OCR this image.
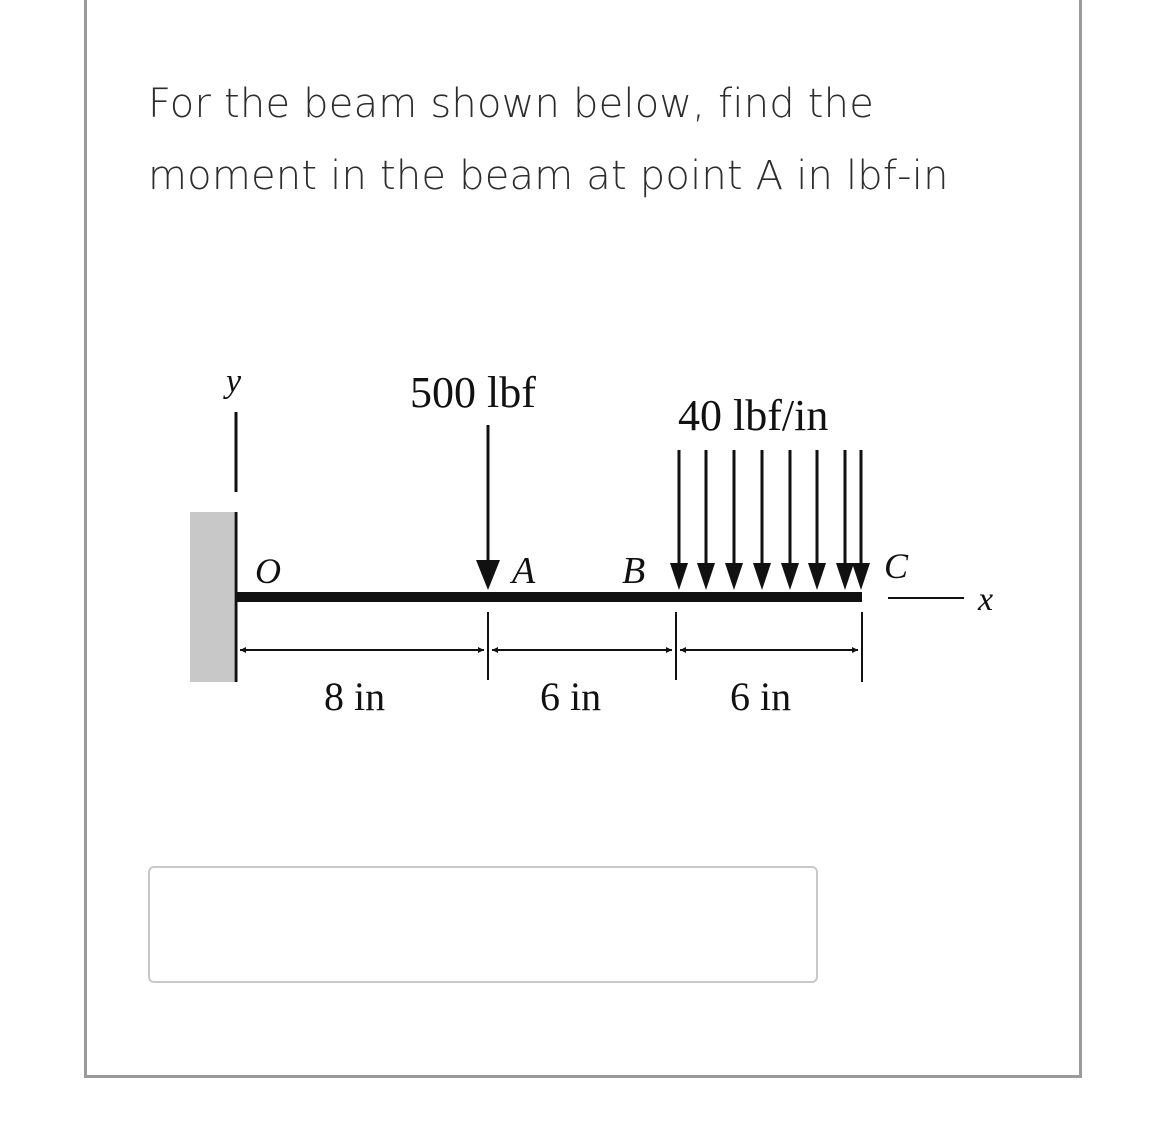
For the beam shown below, find the
moment in the beam at point A in lbf-in
y
O
500 lbf
A B
40 lbf/in
C
x
8 in	6 in	6 in
